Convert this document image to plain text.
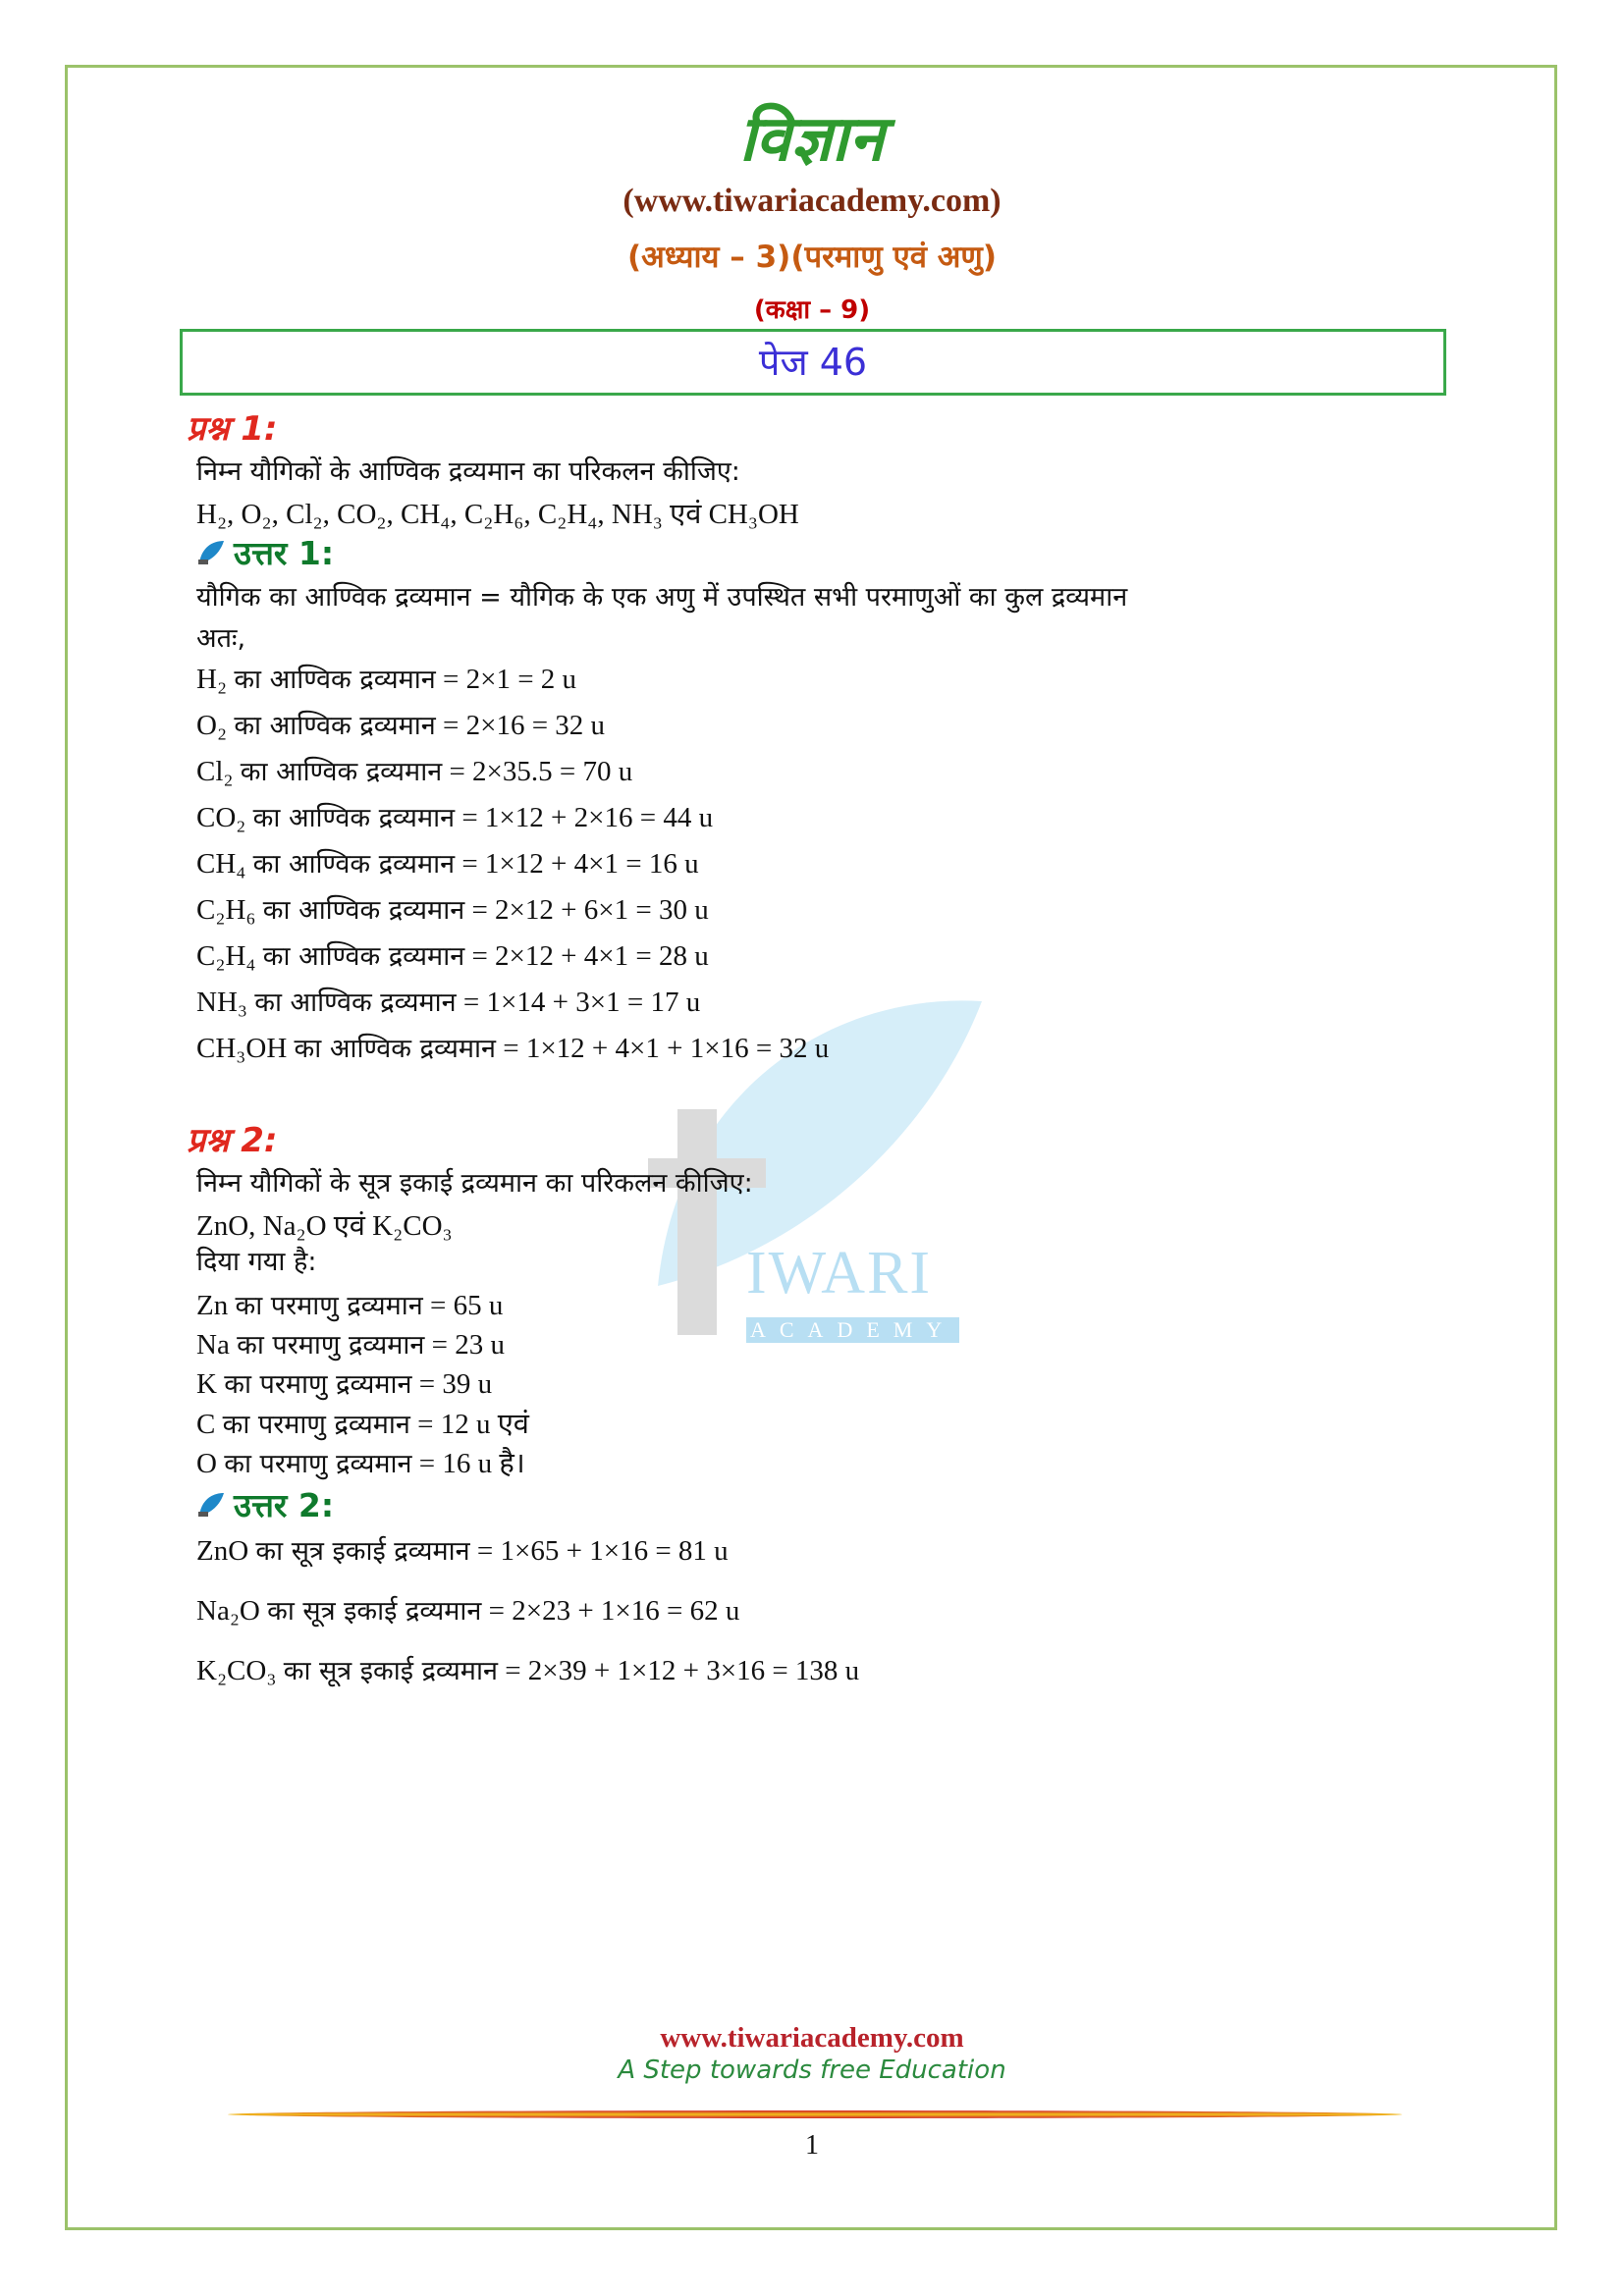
विज्ञान
(www.tiwariacademy.com)
(अध्याय – 3)(परमाणु एवं अणु)
(कक्षा – 9)
पेज 46
IWARI
ACADEMY
प्रश्न 1:
निम्न यौगिकों के आण्विक द्रव्यमान का परिकलन कीजिए:
H₂, O₂, Cl₂, CO₂, CH₄, C₂H₆, C₂H₄, NH₃ एवं CH₃OH
उत्तर 1:
यौगिक का आण्विक द्रव्यमान = यौगिक के एक अणु में उपस्थित सभी परमाणुओं का कुल द्रव्यमान
अतः,
H₂ का आण्विक द्रव्यमान = 2×1 = 2 u
O₂ का आण्विक द्रव्यमान = 2×16 = 32 u
Cl₂ का आण्विक द्रव्यमान = 2×35.5 = 70 u
CO₂ का आण्विक द्रव्यमान = 1×12 + 2×16 = 44 u
CH₄ का आण्विक द्रव्यमान = 1×12 + 4×1 = 16 u
C₂H₆ का आण्विक द्रव्यमान = 2×12 + 6×1 = 30 u
C₂H₄ का आण्विक द्रव्यमान = 2×12 + 4×1 = 28 u
NH₃ का आण्विक द्रव्यमान = 1×14 + 3×1 = 17 u
CH₃OH का आण्विक द्रव्यमान = 1×12 + 4×1 + 1×16 = 32 u
प्रश्न 2:
निम्न यौगिकों के सूत्र इकाई द्रव्यमान का परिकलन कीजिए:
ZnO, Na₂O एवं K₂CO₃
दिया गया है:
Zn का परमाणु द्रव्यमान = 65 u
Na का परमाणु द्रव्यमान = 23 u
K का परमाणु द्रव्यमान = 39 u
C का परमाणु द्रव्यमान = 12 u एवं
O का परमाणु द्रव्यमान = 16 u है।
उत्तर 2:
ZnO का सूत्र इकाई द्रव्यमान = 1×65 + 1×16 = 81 u
Na₂O का सूत्र इकाई द्रव्यमान = 2×23 + 1×16 = 62 u
K₂CO₃ का सूत्र इकाई द्रव्यमान = 2×39 + 1×12 + 3×16 = 138 u
www.tiwariacademy.com
A Step towards free Education
1
